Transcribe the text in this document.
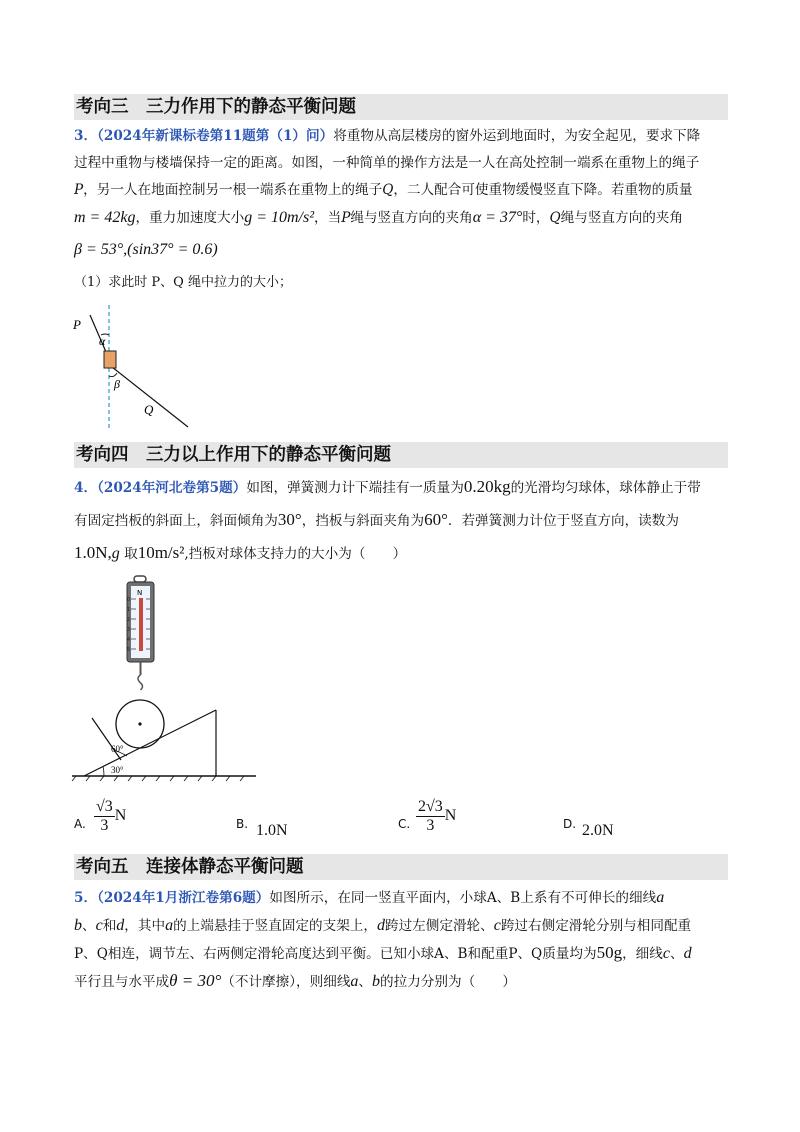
考向三　三力作用下的静态平衡问题
3．（2024年新课标卷第11题第（1）问）将重物从高层楼房的窗外运到地面时，为安全起见，要求下降
过程中重物与楼墙保持一定的距离。如图，一种简单的操作方法是一人在高处控制一端系在重物上的绳子
P，另一人在地面控制另一根一端系在重物上的绳子Q，二人配合可使重物缓慢竖直下降。若重物的质量
m = 42kg，重力加速度大小g = 10m/s²，当P绳与竖直方向的夹角α = 37°时，Q绳与竖直方向的夹角
β = 53°,(sin37° = 0.6)
（1）求此时 P、Q 绳中拉力的大小；
P
α
β
Q
考向四　三力以上作用下的静态平衡问题
4．（2024年河北卷第5题）如图，弹簧测力计下端挂有一质量为0.20kg的光滑均匀球体，球体静止于带
有固定挡板的斜面上，斜面倾角为30°，挡板与斜面夹角为60°．若弹簧测力计位于竖直方向，读数为
1.0N,g 取10m/s²,挡板对球体支持力的大小为（　　）
N
0
1
2
3
4
5
60°
30°
A. $\frac{√3}{3}$ N	B. 1.0N	C. $\frac{2√3}{3}$ N	D. 2.0N
考向五　连接体静态平衡问题
5．（2024年1月浙江卷第6题）如图所示，在同一竖直平面内，小球A、B上系有不可伸长的细线a
b、c和d，其中a的上端悬挂于竖直固定的支架上，d跨过左侧定滑轮、c跨过右侧定滑轮分别与相同配重
P、Q相连，调节左、右两侧定滑轮高度达到平衡。已知小球A、B和配重P、Q质量均为50g，细线c、d
平行且与水平成θ = 30°（不计摩擦），则细线a、b的拉力分别为（　　）
